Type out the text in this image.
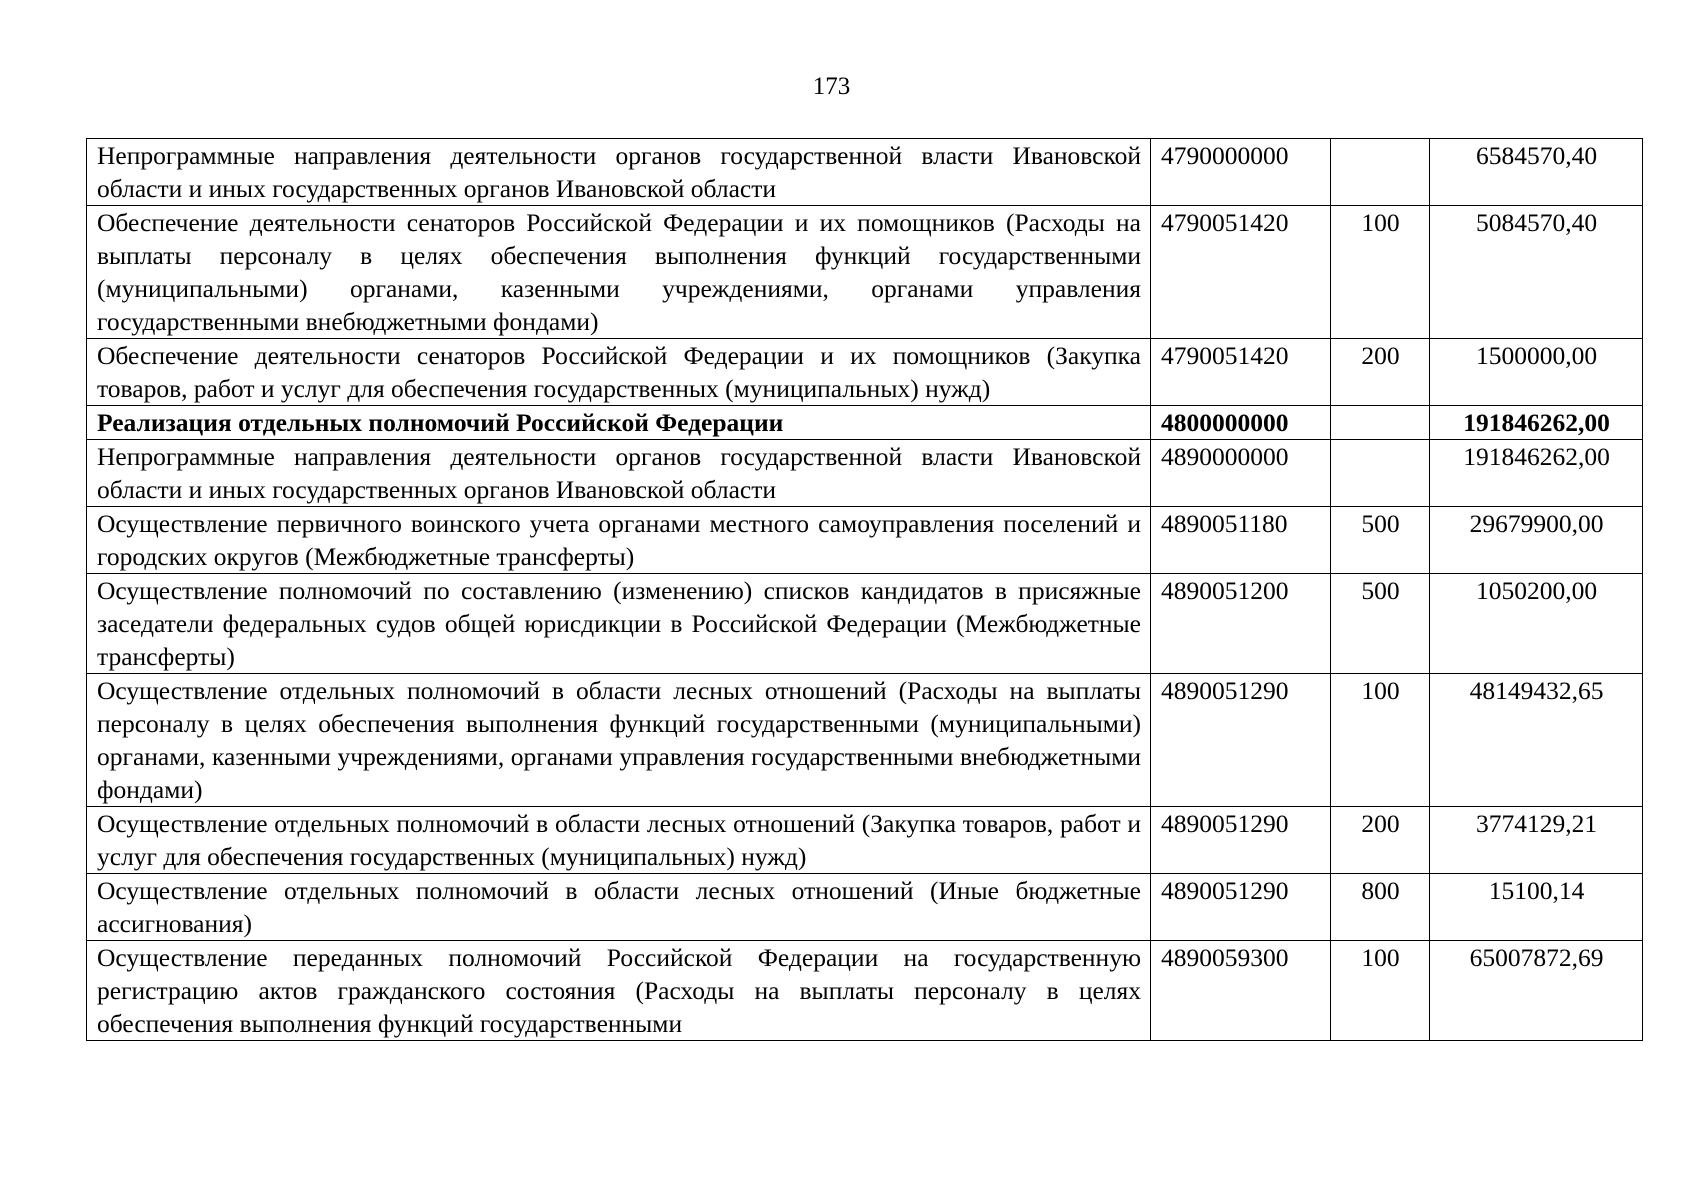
173
Непрограммные направления деятельности органов государственной власти Ивановской области и иных государственных органов Ивановской области	4790000000		6584570,40
Обеспечение деятельности сенаторов Российской Федерации и их помощников (Расходы на выплаты персоналу в целях обеспечения выполнения функций государственными (муниципальными) органами, казенными учреждениями, органами управления государственными внебюджетными фондами)	4790051420	100	5084570,40
Обеспечение деятельности сенаторов Российской Федерации и их помощников (Закупка товаров, работ и услуг для обеспечения государственных (муниципальных) нужд)	4790051420	200	1500000,00
Реализация отдельных полномочий Российской Федерации	4800000000		191846262,00
Непрограммные направления деятельности органов государственной власти Ивановской области и иных государственных органов Ивановской области	4890000000		191846262,00
Осуществление первичного воинского учета органами местного самоуправления поселений и городских округов (Межбюджетные трансферты)	4890051180	500	29679900,00
Осуществление полномочий по составлению (изменению) списков кандидатов в присяжные заседатели федеральных судов общей юрисдикции в Российской Федерации (Межбюджетные трансферты)	4890051200	500	1050200,00
Осуществление отдельных полномочий в области лесных отношений (Расходы на выплаты персоналу в целях обеспечения выполнения функций государственными (муниципальными) органами, казенными учреждениями, органами управления государственными внебюджетными фондами)	4890051290	100	48149432,65
Осуществление отдельных полномочий в области лесных отношений (Закупка товаров, работ и услуг для обеспечения государственных (муниципальных) нужд)	4890051290	200	3774129,21
Осуществление отдельных полномочий в области лесных отношений (Иные бюджетные ассигнования)	4890051290	800	15100,14
Осуществление переданных полномочий Российской Федерации на государственную регистрацию актов гражданского состояния (Расходы на выплаты персоналу в целях обеспечения выполнения функций государственными	4890059300	100	65007872,69
